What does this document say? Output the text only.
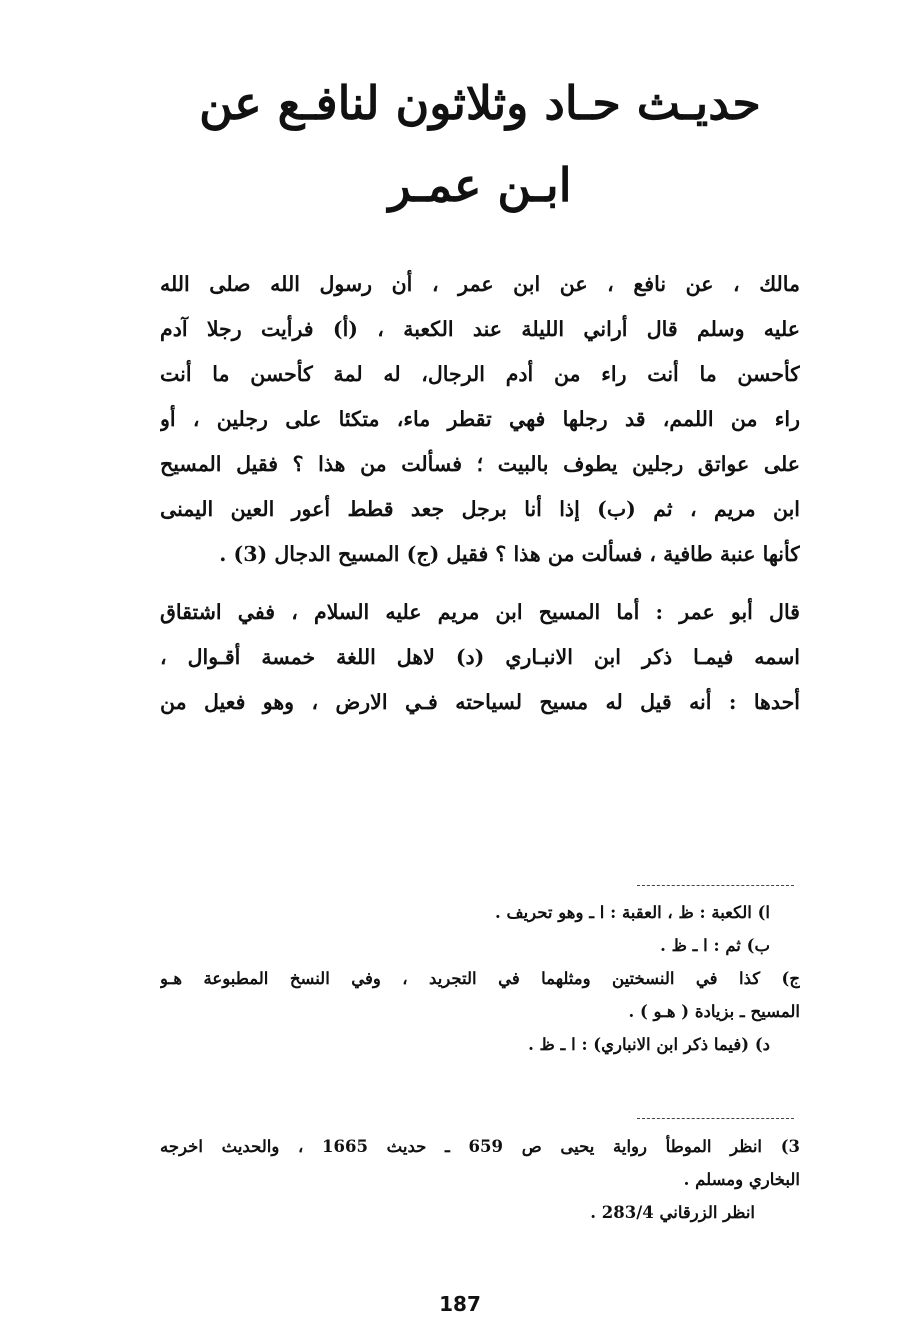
حديـث حـاد وثلاثون لنافـع عن
ابـن عمـر
مالك ، عن نافع ، عن ابن عمر ، أن رسول الله صلى الله
عليه وسلم قال أراني الليلة عند الكعبة ، (أ) فرأيت رجلا آدم
كأحسن ما أنت راء من أدم الرجال، له لمة كأحسن ما أنت
راء من اللمم، قد رجلها فهي تقطر ماء، متكئا على رجلين ، أو
على عواتق رجلين يطوف بالبيت ؛ فسألت من هذا ؟ فقيل المسيح
ابن مريم ، ثم (ب) إذا أنا برجل جعد قطط أعور العين اليمنى
كأنها عنبة طافية ، فسألت من هذا ؟ فقيل (ج) المسيح الدجال (3) .
قال أبو عمر : أما المسيح ابن مريم عليه السلام ، ففي اشتقاق
اسمه فيمـا ذكر ابن الانبـاري (د) لاهل اللغة خمسة أقـوال ،
أحدها : أنه قيل له مسيح لسياحته فـي الارض ، وهو فعيل من
ا) الكعبة : ظ ، العقبة : ا ـ وهو تحريف .
ب) ثم : ا ـ ظ .
ج) كذا في النسختين ومثلهما في التجريد ، وفي النسخ المطبوعة هـو
المسيح ـ بزيادة ( هـو ) .
د) (فيما ذكر ابن الانباري) : ا ـ ظ .
3) انظر الموطأ رواية يحيى ص 659 ـ حديث 1665 ، والحديث اخرجه
البخاري ومسلم .
انظر الزرقاني 283/4 .
187
